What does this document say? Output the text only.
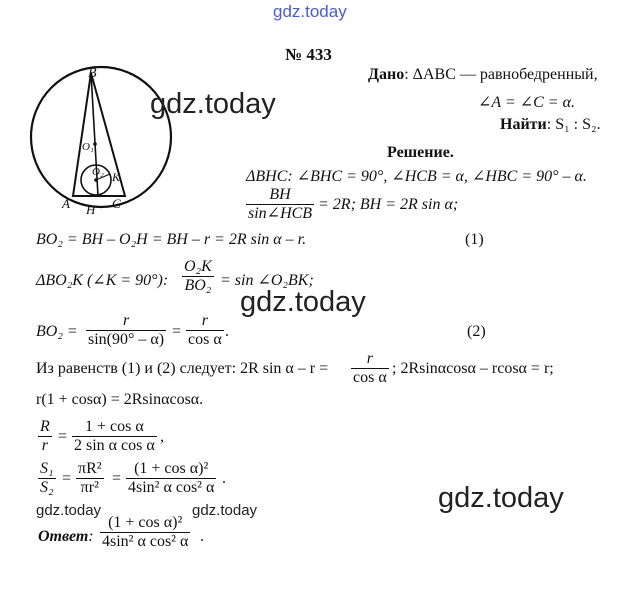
gdz.today
B
O₁
O₂ K
A H C
№ 433
gdz.today
Дано: ΔABC — равнобедренный,
∠A = ∠C = α.
Найти: S₁ : S₂.
Решение.
ΔBHC: ∠BHC = 90°, ∠HCB = α, ∠HBC = 90° – α.
BH
sin∠HCB
= 2R; BH = 2R sin α;
BO₂ = BH – O₂H = BH – r = 2R sin α – r.	(1)
ΔBO₂K (∠K = 90°): $\frac{\text{O₂K}}{\text{BO₂}} = \sin$ ∠O₂BK;
gdz.today
$BO_2 = \frac{r}{\sin(90^\circ - \alpha)} = \frac{r}{\text{cos α}}$ .	(2)
Из равенств (1) и (2) следует: 2R $\sin \alpha - r = \frac{r}{\text{cos α}}$ ; 2Rsinαcosα – rcosα = r;
r(1 + cosα) = 2Rsinαcosα.
$\frac{R}{r} = \frac{\text{1 + cos α}}{\text{2 sin α cos α}}$ ,
$\frac{\text{S₁}}{\text{S₂}} = \frac{\text{πR²}}{\text{πr²}} = \frac{\text{(1 + cos α)²}}{\text{4sin² α cos² α}}$ .
gdz.today
gdz.today	gdz.today
Ответ: $\frac{\text{(1 + cos α)²}}{\text{4sin² α cos² α}}$ .
